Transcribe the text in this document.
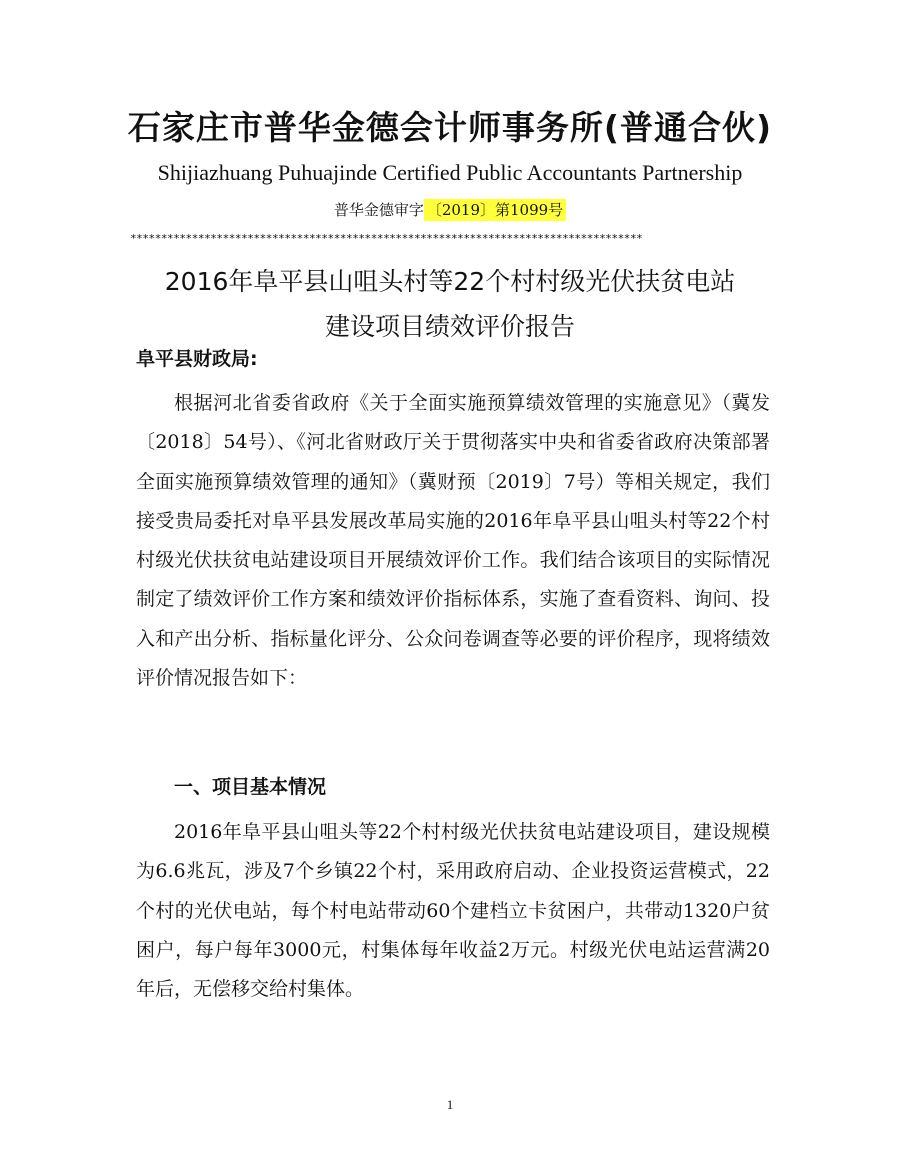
石家庄市普华金德会计师事务所(普通合伙)
Shijiazhuang Puhuajinde Certified Public Accountants Partnership
普华金德审字 〔2019〕第1099号
***********************************************************************************
2016年阜平县山咀头村等22个村村级光伏扶贫电站
建设项目绩效评价报告
阜平县财政局:
根据河北省委省政府《关于全面实施预算绩效管理的实施意见》（冀发〔2018〕54号）、《河北省财政厅关于贯彻落实中央和省委省政府决策部署全面实施预算绩效管理的通知》（冀财预〔2019〕7号）等相关规定，我们接受贵局委托对阜平县发展改革局实施的2016年阜平县山咀头村等22个村村级光伏扶贫电站建设项目开展绩效评价工作。我们结合该项目的实际情况制定了绩效评价工作方案和绩效评价指标体系，实施了查看资料、询问、投入和产出分析、指标量化评分、公众问卷调查等必要的评价程序，现将绩效评价情况报告如下：
一、项目基本情况
2016年阜平县山咀头等22个村村级光伏扶贫电站建设项目，建设规模为6.6兆瓦，涉及7个乡镇22个村，采用政府启动、企业投资运营模式，22个村的光伏电站，每个村电站带动60个建档立卡贫困户，共带动1320户贫困户，每户每年3000元，村集体每年收益2万元。村级光伏电站运营满20年后，无偿移交给村集体。
1
